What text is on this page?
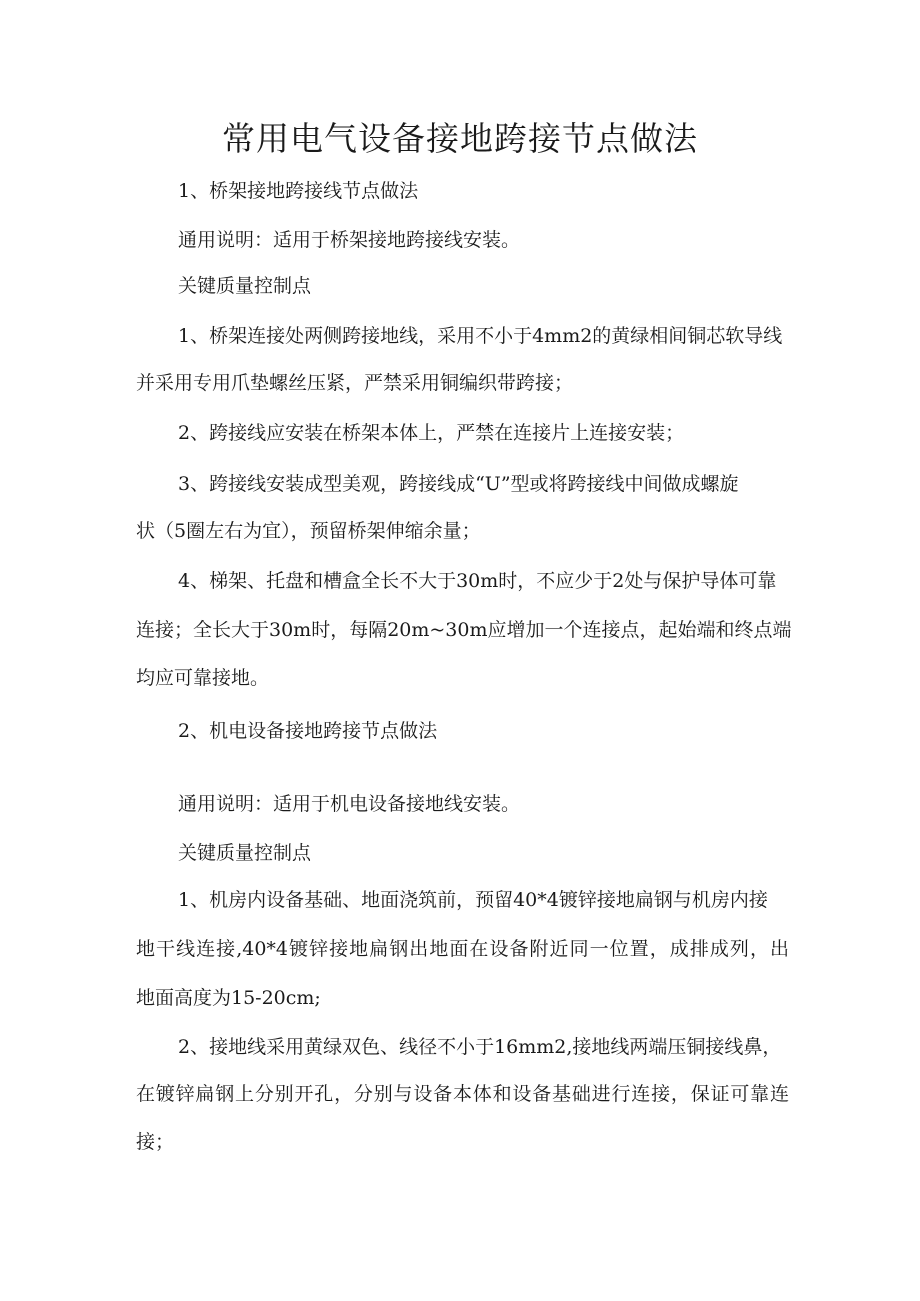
常用电气设备接地跨接节点做法

1、桥架接地跨接线节点做法

通用说明：适用于桥架接地跨接线安装。

关键质量控制点

1、桥架连接处两侧跨接地线，采用不小于4mm2的黄绿相间铜芯软导线

并采用专用爪垫螺丝压紧，严禁采用铜编织带跨接；

2、跨接线应安装在桥架本体上，严禁在连接片上连接安装；

3、跨接线安装成型美观，跨接线成“U”型或将跨接线中间做成螺旋

状（5圈左右为宜），预留桥架伸缩余量；

4、梯架、托盘和槽盒全长不大于30m时，不应少于2处与保护导体可靠

连接；全长大于30m时，每隔20m~30m应增加一个连接点，起始端和终点端

均应可靠接地。

2、机电设备接地跨接节点做法

通用说明：适用于机电设备接地线安装。

关键质量控制点

1、机房内设备基础、地面浇筑前，预留40*4镀锌接地扁钢与机房内接

地干线连接,40*4镀锌接地扁钢出地面在设备附近同一位置，成排成列，出

地面高度为15-20cm;

2、接地线采用黄绿双色、线径不小于16mm2,接地线两端压铜接线鼻，

在镀锌扁钢上分别开孔，分别与设备本体和设备基础进行连接，保证可靠连

接；
